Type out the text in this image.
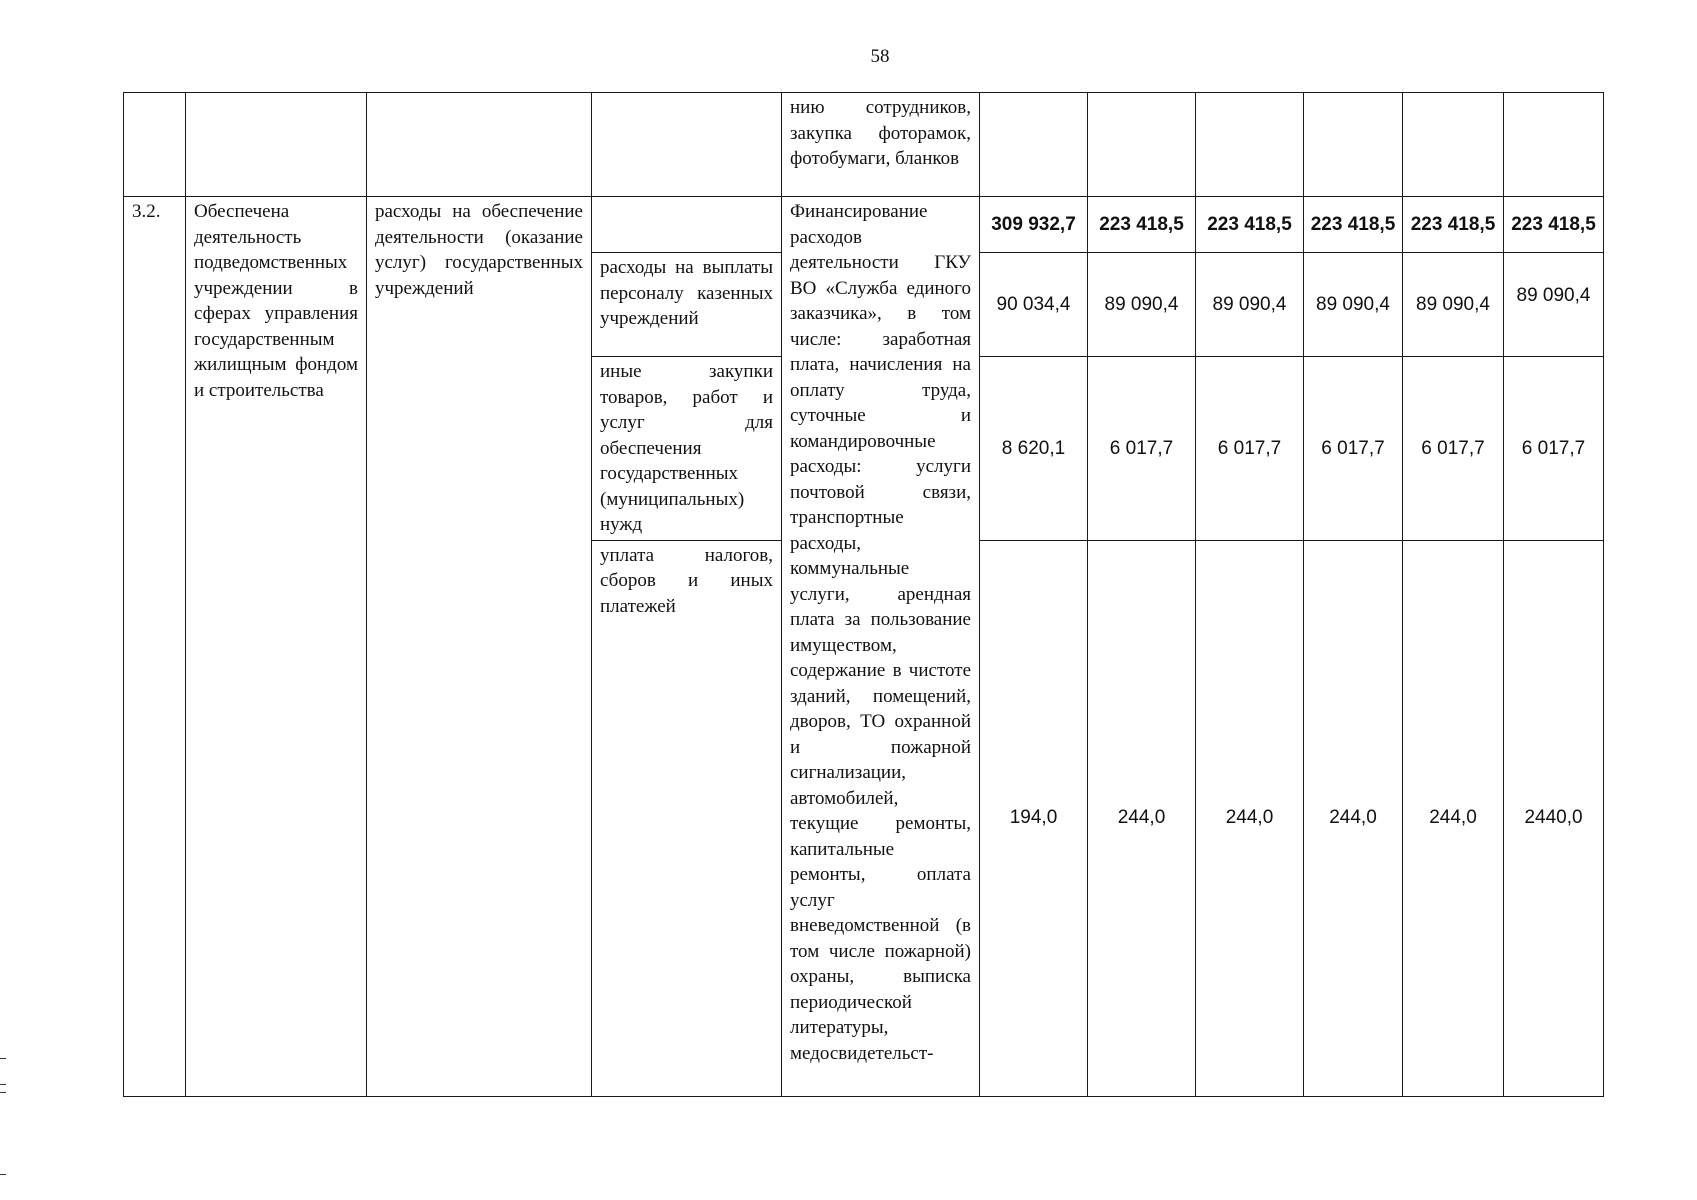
58
				нию сотрудников, закупка фоторамок, фотобумаги, бланков						
3.2.	Обеспечена деятельность подведомственных учреждении в сферах управления государственным жилищным фондом и строительства	расходы на обеспечение деятельности (оказание услуг) государственных учреждений		Финансирование расходов деятельности ГКУ ВО «Служба единого заказчика», в том числе: заработная плата, начисления на оплату труда, суточные и командировочные расходы: услуги почтовой связи, транспортные расходы, коммунальные услуги, арендная плата за пользование имуществом, содержание в чистоте зданий, помещений, дворов, ТО охранной и пожарной сигнализации, автомобилей, текущие ремонты, капитальные ремонты, оплата услуг вневедомственной (в том числе пожарной) охраны, выписка периодической литературы, медосвидетельст-	309 932,7	223 418,5	223 418,5	223 418,5	223 418,5	223 418,5
			расходы на выплаты персоналу казенных учреждений		90 034,4	89 090,4	89 090,4	89 090,4	89 090,4	89 090,4
			иные закупки товаров, работ и услуг для обеспечения государственных (муниципальных) нужд		8 620,1	6 017,7	6 017,7	6 017,7	6 017,7	6 017,7
			уплата налогов, сборов и иных платежей		194,0	244,0	244,0	244,0	244,0	2440,0
